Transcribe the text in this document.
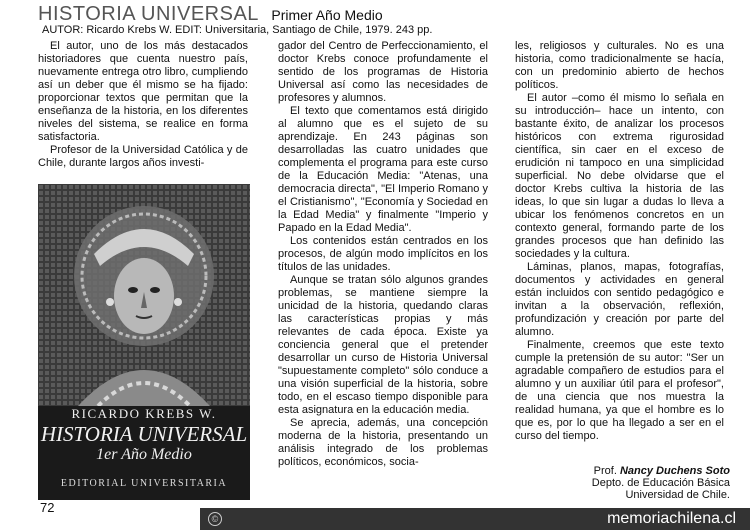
HISTORIA UNIVERSAL Primer Año Medio
AUTOR: Ricardo Krebs W. EDIT: Universitaria, Santiago de Chile, 1979. 243 pp.

El autor, uno de los más destacados historiadores que cuenta nuestro país, nuevamente entrega otro libro, cumpliendo así un deber que él mismo se ha fijado: proporcionar textos que permitan que la enseñanza de la historia, en los diferentes niveles del sistema, se realice en forma satisfactoria.

Profesor de la Universidad Católica y de Chile, durante largos años investi-

RICARDO KREBS W.
HISTORIA UNIVERSAL
1er Año Medio
EDITORIAL UNIVERSITARIA

gador del Centro de Perfeccionamiento, el doctor Krebs conoce profundamente el sentido de los programas de Historia Universal así como las necesidades de profesores y alumnos.

El texto que comentamos está dirigido al alumno que es el sujeto de su aprendizaje. En 243 páginas son desarrolladas las cuatro unidades que complementa el programa para este curso de la Educación Media: "Atenas, una democracia directa", "El Imperio Romano y el Cristianismo", "Economía y Sociedad en la Edad Media" y finalmente "Imperio y Papado en la Edad Media".

Los contenidos están centrados en los procesos, de algún modo implícitos en los títulos de las unidades.

Aunque se tratan sólo algunos grandes problemas, se mantiene siempre la unicidad de la historia, quedando claras las características propias y más relevantes de cada época. Existe ya conciencia general que el pretender desarrollar un curso de Historia Universal "supuestamente completo" sólo conduce a una visión superficial de la historia, sobre todo, en el escaso tiempo disponible para esta asignatura en la educación media.

Se aprecia, además, una concepción moderna de la historia, presentando un análisis integrado de los problemas políticos, económicos, socia-

les, religiosos y culturales. No es una historia, como tradicionalmente se hacía, con un predominio abierto de hechos políticos.

El autor –como él mismo lo señala en su introducción– hace un intento, con bastante éxito, de analizar los procesos históricos con extrema rigurosidad científica, sin caer en el exceso de erudición ni tampoco en una simplicidad superficial. No debe olvidarse que el doctor Krebs cultiva la historia de las ideas, lo que sin lugar a dudas lo lleva a ubicar los fenómenos concretos en un contexto general, formando parte de los grandes procesos que han definido las sociedades y la cultura.

Láminas, planos, mapas, fotografías, documentos y actividades en general están incluidos con sentido pedagógico e invitan a la observación, reflexión, profundización y creación por parte del alumno.

Finalmente, creemos que este texto cumple la pretensión de su autor: "Ser un agradable compañero de estudios para el alumno y un auxiliar útil para el profesor", de una ciencia que nos muestra la realidad humana, ya que el hombre es lo que es, por lo que ha llegado a ser en el curso del tiempo.

Prof. Nancy Duchens Soto
Depto. de Educación Básica
Universidad de Chile.
72
©	memoriachilena.cl
